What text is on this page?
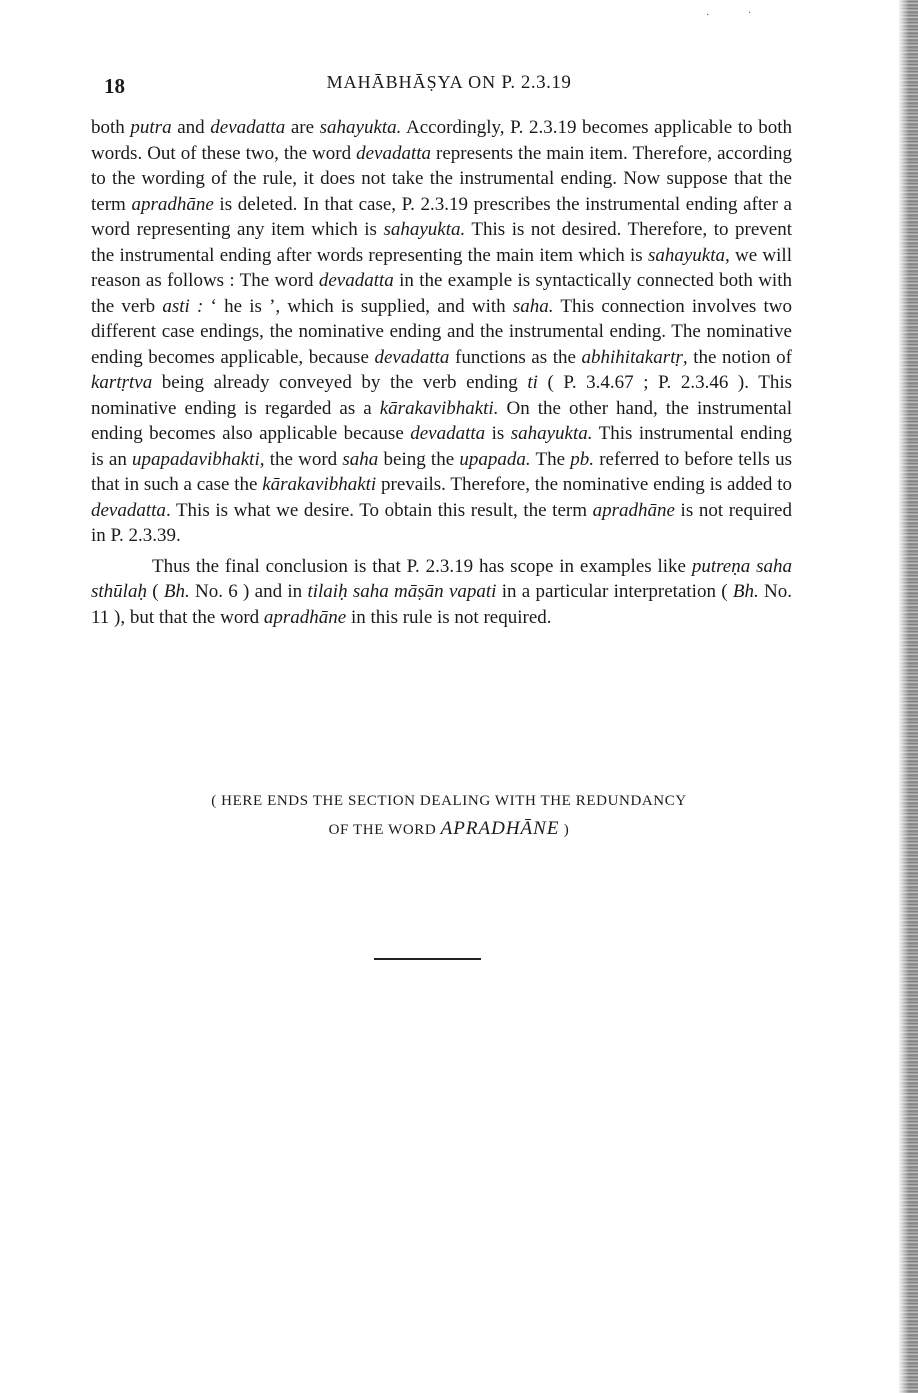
·	·
18	MAHĀBHĀṢYA ON P. 2.3.19

both putra and devadatta are sahayukta. Accordingly, P. 2.3.19 becomes applicable to both words. Out of these two, the word devadatta represents the main item. Therefore, according to the wording of the rule, it does not take the instrumental ending. Now suppose that the term apradhāne is deleted. In that case, P. 2.3.19 prescribes the instrumental ending after a word representing any item which is sahayukta. This is not desired. Therefore, to prevent the instrumental ending after words representing the main item which is sahayukta, we will reason as follows : The word devadatta in the example is syntactically connected both with the verb asti : ‘ he is ’, which is supplied, and with saha. This connection involves two different case endings, the nominative ending and the instrumental ending. The nominative ending becomes applicable, because devadatta functions as the abhihitakartṛ, the notion of kartṛtva being already conveyed by the verb ending ti ( P. 3.4.67 ; P. 2.3.46 ). This nominative ending is regarded as a kārakavibhakti. On the other hand, the instrumental ending becomes also applicable because devadatta is sahayukta. This instrumental ending is an upapadavibhakti, the word saha being the upapada. The pb. referred to before tells us that in such a case the kārakavibhakti prevails. Therefore, the nominative ending is added to devadatta. This is what we desire. To obtain this result, the term apradhāne is not required in P. 2.3.39.

Thus the final conclusion is that P. 2.3.19 has scope in examples like putreṇa saha sthūlaḥ ( Bh. No. 6 ) and in tilaiḥ saha māṣān vapati in a particular interpretation ( Bh. No. 11 ), but that the word apradhāne in this rule is not required.

( HERE ENDS THE SECTION DEALING WITH THE REDUNDANCY
OF THE WORD APRADHĀNE )
